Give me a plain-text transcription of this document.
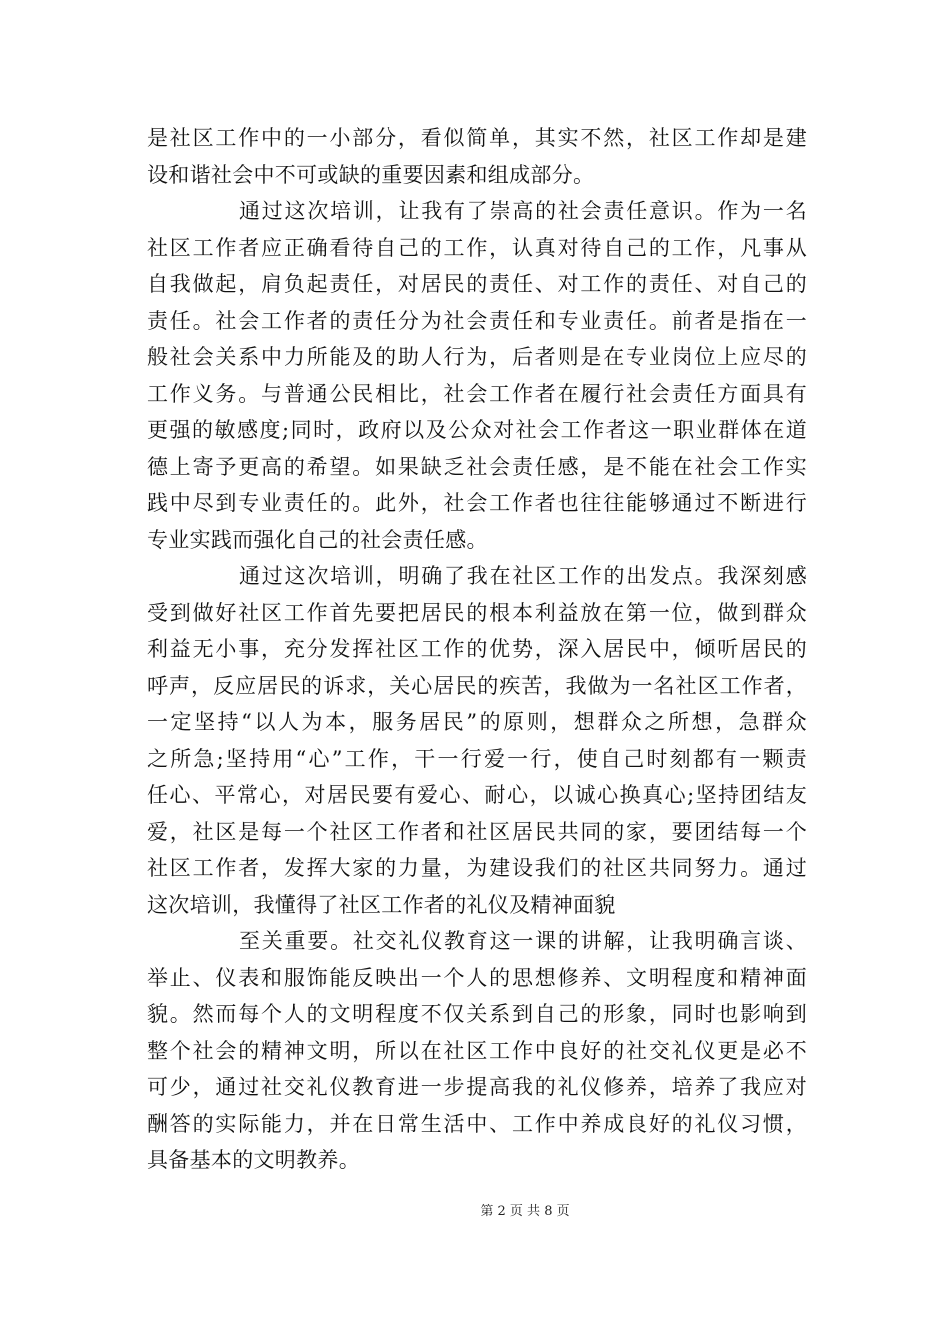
是社区工作中的一小部分，看似简单，其实不然，社区工作却是建
设和谐社会中不可或缺的重要因素和组成部分。
通过这次培训，让我有了崇高的社会责任意识。作为一名
社区工作者应正确看待自己的工作，认真对待自己的工作，凡事从
自我做起，肩负起责任，对居民的责任、对工作的责任、对自己的
责任。社会工作者的责任分为社会责任和专业责任。前者是指在一
般社会关系中力所能及的助人行为，后者则是在专业岗位上应尽的
工作义务。与普通公民相比，社会工作者在履行社会责任方面具有
更强的敏感度;同时，政府以及公众对社会工作者这一职业群体在道
德上寄予更高的希望。如果缺乏社会责任感，是不能在社会工作实
践中尽到专业责任的。此外，社会工作者也往往能够通过不断进行
专业实践而强化自己的社会责任感。
通过这次培训，明确了我在社区工作的出发点。我深刻感
受到做好社区工作首先要把居民的根本利益放在第一位，做到群众
利益无小事，充分发挥社区工作的优势，深入居民中，倾听居民的
呼声，反应居民的诉求，关心居民的疾苦，我做为一名社区工作者，
一定坚持“以人为本，服务居民”的原则，想群众之所想，急群众
之所急;坚持用“心”工作，干一行爱一行，使自己时刻都有一颗责
任心、平常心，对居民要有爱心、耐心，以诚心换真心;坚持团结友
爱，社区是每一个社区工作者和社区居民共同的家，要团结每一个
社区工作者，发挥大家的力量，为建设我们的社区共同努力。通过
这次培训，我懂得了社区工作者的礼仪及精神面貌
至关重要。社交礼仪教育这一课的讲解，让我明确言谈、
举止、仪表和服饰能反映出一个人的思想修养、文明程度和精神面
貌。然而每个人的文明程度不仅关系到自己的形象，同时也影响到
整个社会的精神文明，所以在社区工作中良好的社交礼仪更是必不
可少，通过社交礼仪教育进一步提高我的礼仪修养，培养了我应对
酬答的实际能力，并在日常生活中、工作中养成良好的礼仪习惯，
具备基本的文明教养。
第 2 页 共 8 页
